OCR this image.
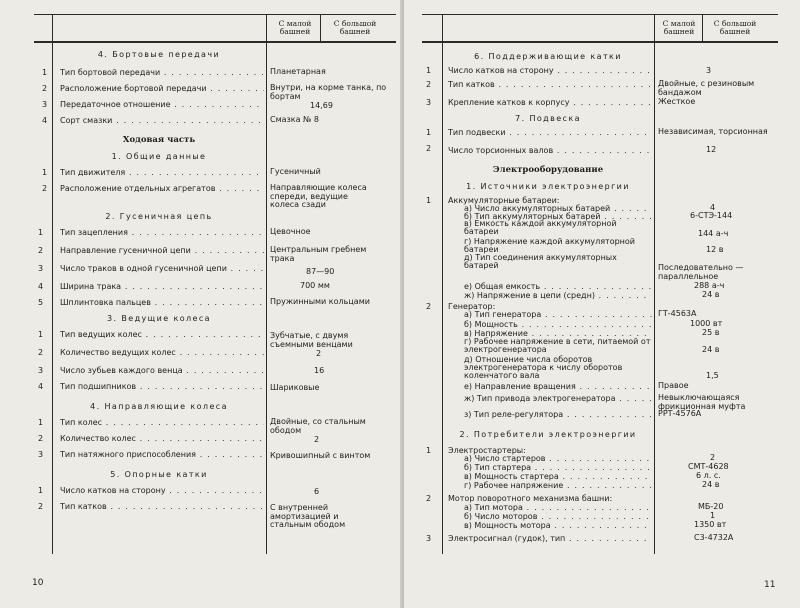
С малой башней
С большой башней
4. Бортовые передачи
1 Тип бортовой передачи . . .	Планетарная
2 Расположение бортовой передачи . . .	Внутри, на корме танка, по бортам
3 Передаточное отношение . . .	14,69
4 Сорт смазки . . .	Смазка № 8
Ходовая часть
1. Общие данные
1 Тип движителя . . .	Гусеничный
2 Расположение отдельных агрегатов . . .	Направляющие колеса спереди, ведущие колеса сзади
2. Гусеничная цепь
1 Тип зацепления . . .	Цевочное
2 Направление гусеничной цепи . . .	Центральным гребнем трака
3 Число траков в одной гусеничной цепи . . .	87—90
4 Ширина трака . . .	700 мм
5 Шплинтовка пальцев . . .	Пружинными кольцами
3. Ведущие колеса
1 Тип ведущих колес . . .	Зубчатые, с двумя съемными венцами
2 Количество ведущих колес . . .	2
3 Число зубьев каждого венца . . .	16
4 Тип подшипников . . .	Шариковые
4. Направляющие колеса
1 Тип колес . . .	Двойные, со стальным ободом
2 Количество колес . . .	2
3 Тип натяжного приспособления . . .	Кривошипный с винтом
5. Опорные катки
1 Число катков на сторону . . .	6
2 Тип катков . . .	С внутренней амортизацией и стальным ободом
10
С малой башней
С большой башней
6. Поддерживающие катки
1 Число катков на сторону . . .	3
2 Тип катков . . .	Двойные, с резиновым бандажом
3 Крепление катков к корпусу . . .	Жесткое
7. Подвеска
1 Тип подвески . . .	Независимая, торсионная
2 Число торсионных валов . . .	12
Электрооборудование
1. Источники электроэнергии
1 Аккумуляторные батареи:
а) Число аккумуляторных батарей . . .	4
б) Тип аккумуляторных батарей . . .	6-СТЭ-144
в) Емкость каждой аккумуляторной батареи	144 а-ч
г) Напряжение каждой аккумуляторной батареи	12 в
д) Тип соединения аккумуляторных батарей	Последовательно — параллельное
е) Общая емкость . . .	288 а-ч
ж) Напряжение в цепи (средн) . . .	24 в
2 Генератор:
а) Тип генератора . . .	ГТ-4563А
б) Мощность . . .	1000 вт
в) Напряжение . . .	25 в
г) Рабочее напряжение в сети, питаемой от электрогенератора	24 в
д) Отношение числа оборотов электрогенератора к числу оборотов коленчатого вала	1,5
е) Направление вращения . . .	Правое
ж) Тип привода электрогенератора . . .	Невыключающаяся фрикционная муфта
з) Тип реле-регулятора . . .	РРТ-4576А
2. Потребители электроэнергии
1 Электростартеры:
а) Число стартеров . . .	2
б) Тип стартера . . .	СМТ-4628
в) Мощность стартера . . .	6 л. с.
г) Рабочее напряжение . . .	24 в
2 Мотор поворотного механизма башни:
а) Тип мотора . . .	МБ-20
б) Число моторов . . .	1
в) Мощность мотора . . .	1350 вт
3 Электросигнал (гудок), тип . . .	С3-4732А
11
